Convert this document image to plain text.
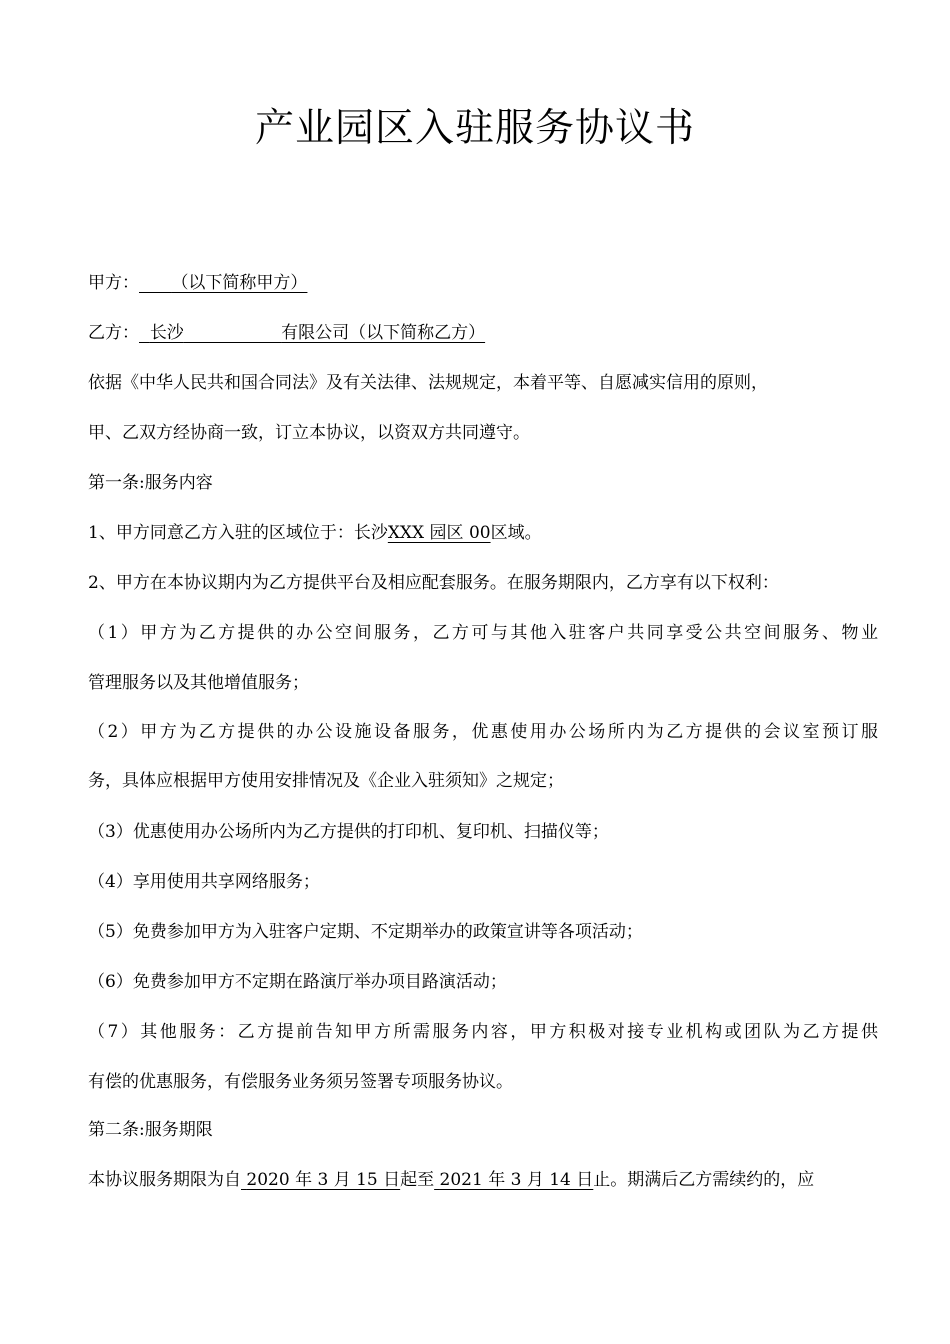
产业园区入驻服务协议书
甲方： （以下简称甲方）
乙方： 长沙	有限公司（以下简称乙方）
依据《中华人民共和国合同法》及有关法律、法规规定，本着平等、自愿减实信用的原则，
甲、乙双方经协商一致，订立本协议，以资双方共同遵守。
第一条:服务内容
1、甲方同意乙方入驻的区域位于：长沙XXX 园区 00区域。
2、甲方在本协议期内为乙方提供平台及相应配套服务。在服务期限内，乙方享有以下权利：
（1）甲方为乙方提供的办公空间服务，乙方可与其他入驻客户共同享受公共空间服务、物业
管理服务以及其他增值服务；
（2）甲方为乙方提供的办公设施设备服务，优惠使用办公场所内为乙方提供的会议室预订服
务，具体应根据甲方使用安排情况及《企业入驻须知》之规定；
（3）优惠使用办公场所内为乙方提供的打印机、复印机、扫描仪等；
（4）享用使用共享网络服务；
（5）免费参加甲方为入驻客户定期、不定期举办的政策宣讲等各项活动；
（6）免费参加甲方不定期在路演厅举办项目路演活动；
（7）其他服务：乙方提前告知甲方所需服务内容，甲方积极对接专业机构或团队为乙方提供
有偿的优惠服务，有偿服务业务须另签署专项服务协议。
第二条:服务期限
本协议服务期限为自 2020 年 3 月 15 日起至 2021 年 3 月 14 日止。期满后乙方需续约的，应
